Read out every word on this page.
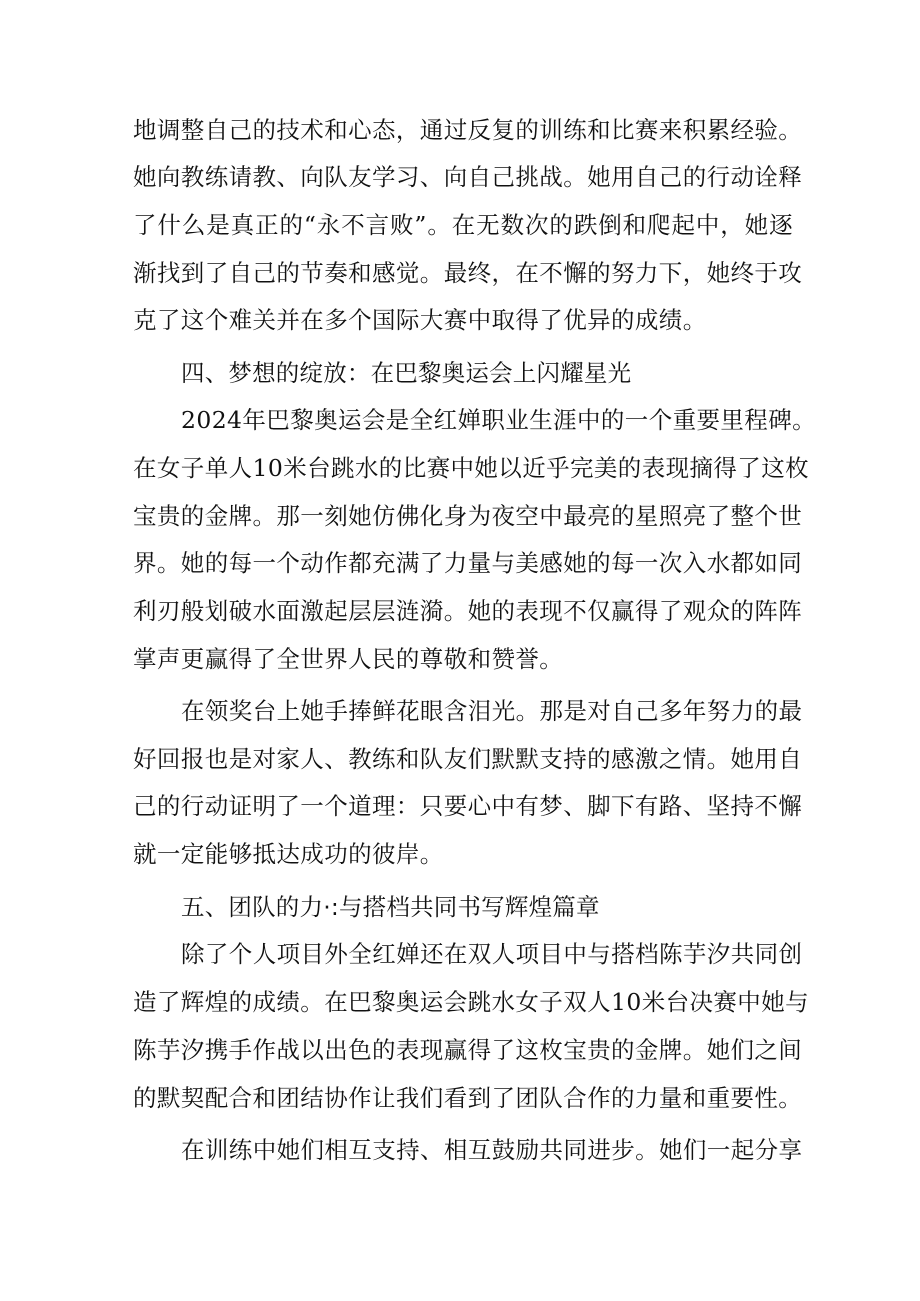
地调整自己的技术和心态，通过反复的训练和比赛来积累经验。
她向教练请教、向队友学习、向自己挑战。她用自己的行动诠释
了什么是真正的“永不言败”。在无数次的跌倒和爬起中，她逐
渐找到了自己的节奏和感觉。最终，在不懈的努力下，她终于攻
克了这个难关并在多个国际大赛中取得了优异的成绩。
四、梦想的绽放：在巴黎奥运会上闪耀星光
2024年巴黎奥运会是全红婵职业生涯中的一个重要里程碑。
在女子单人10米台跳水的比赛中她以近乎完美的表现摘得了这枚
宝贵的金牌。那一刻她仿佛化身为夜空中最亮的星照亮了整个世
界。她的每一个动作都充满了力量与美感她的每一次入水都如同
利刃般划破水面激起层层涟漪。她的表现不仅赢得了观众的阵阵
掌声更赢得了全世界人民的尊敬和赞誉。
在领奖台上她手捧鲜花眼含泪光。那是对自己多年努力的最
好回报也是对家人、教练和队友们默默支持的感激之情。她用自
己的行动证明了一个道理：只要心中有梦、脚下有路、坚持不懈
就一定能够抵达成功的彼岸。
五、团队的力·:与搭档共同书写辉煌篇章
除了个人项目外全红婵还在双人项目中与搭档陈芋汐共同创
造了辉煌的成绩。在巴黎奥运会跳水女子双人10米台决赛中她与
陈芋汐携手作战以出色的表现赢得了这枚宝贵的金牌。她们之间
的默契配合和团结协作让我们看到了团队合作的力量和重要性。
在训练中她们相互支持、相互鼓励共同进步。她们一起分享
